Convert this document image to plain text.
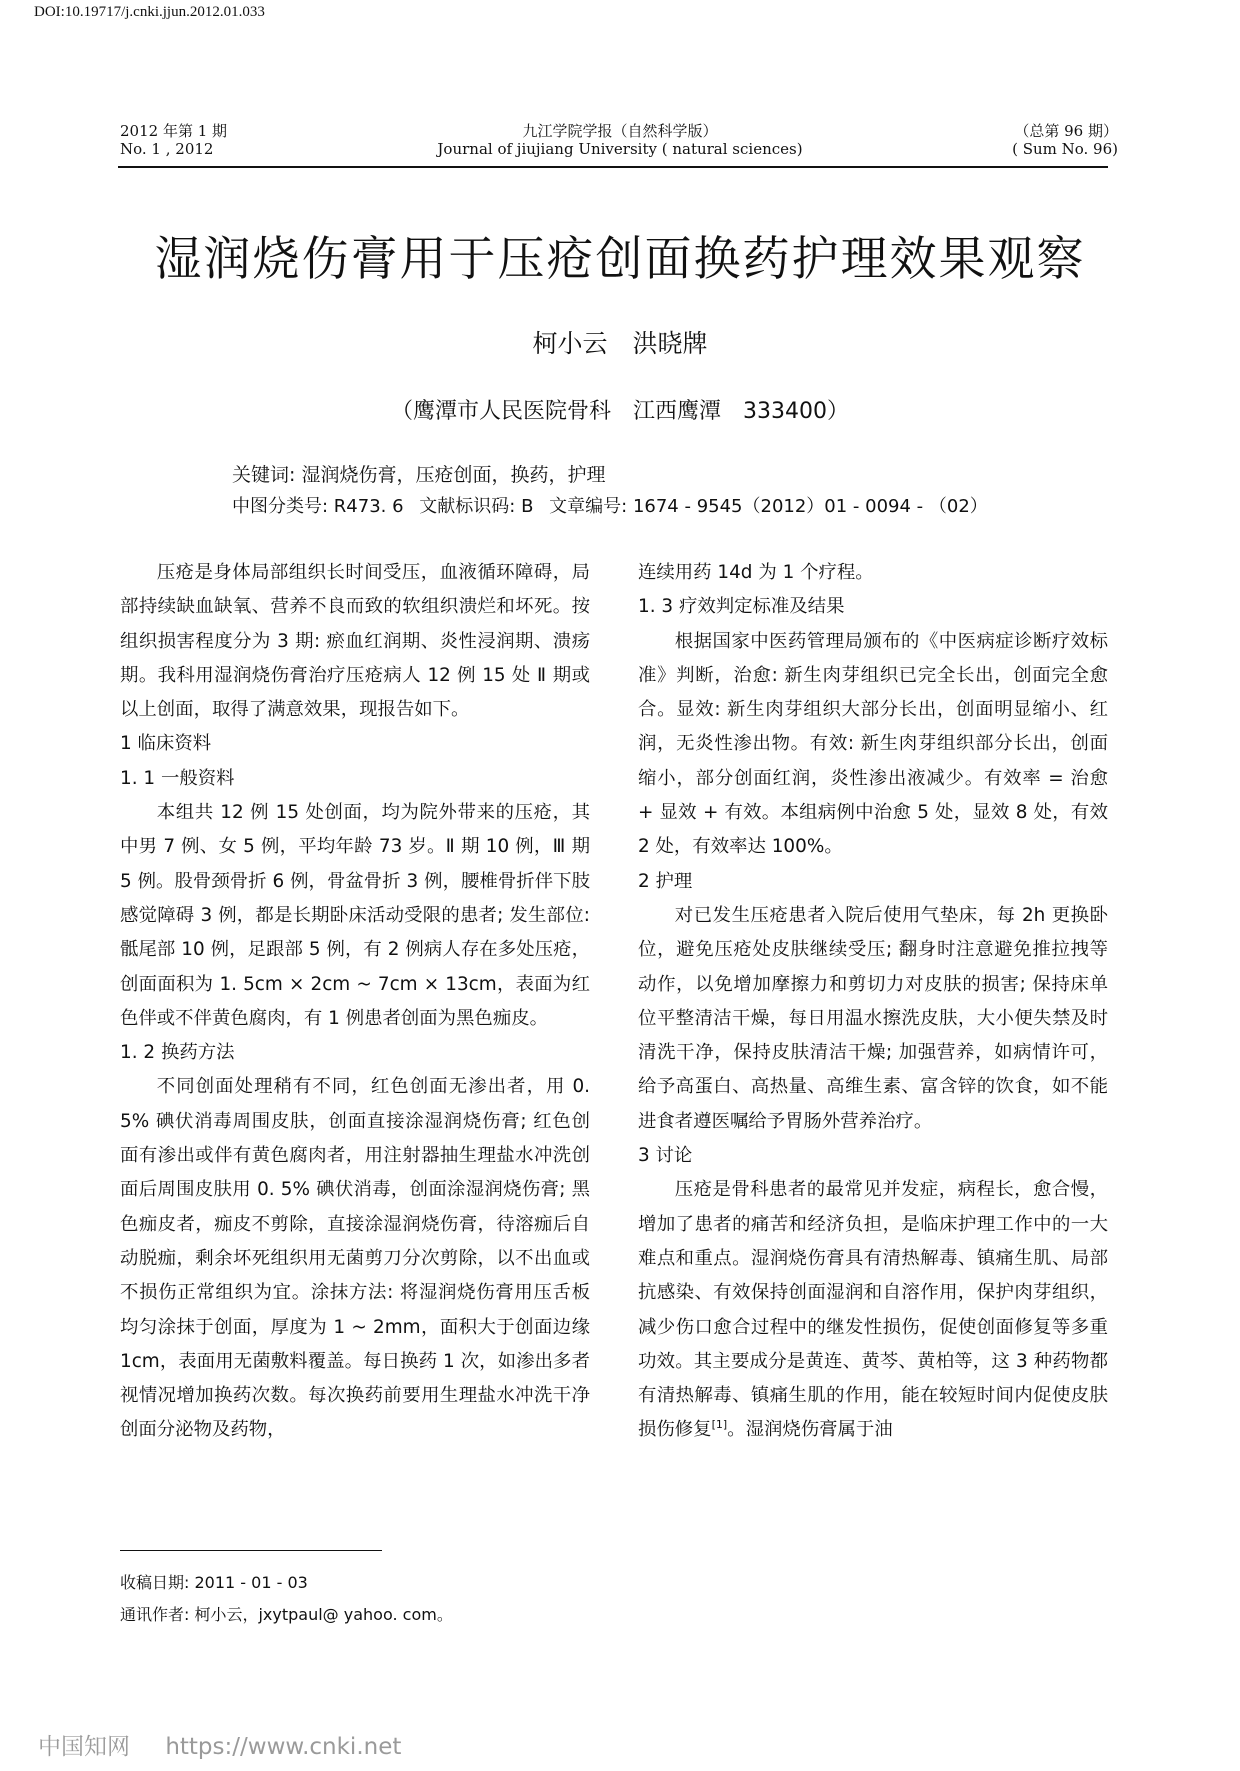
DOI:10.19717/j.cnki.jjun.2012.01.033
2012 年第 1 期
No. 1 , 2012
九江学院学报（自然科学版）
Journal of jiujiang University ( natural sciences)
（总第 96 期）
( Sum No. 96)
湿润烧伤膏用于压疮创面换药护理效果观察
柯小云　洪晓牌
（鹰潭市人民医院骨科　江西鹰潭　333400）
关键词: 湿润烧伤膏，压疮创面，换药，护理
中图分类号: R473. 6 文献标识码: B 文章编号: 1674 - 9545（2012）01 - 0094 - （02）

压疮是身体局部组织长时间受压，血液循环障碍，局部持续缺血缺氧、营养不良而致的软组织溃烂和坏死。按组织损害程度分为 3 期: 瘀血红润期、炎性浸润期、溃疡期。我科用湿润烧伤膏治疗压疮病人 12 例 15 处 Ⅱ 期或以上创面，取得了满意效果，现报告如下。

1 临床资料

1. 1 一般资料

本组共 12 例 15 处创面，均为院外带来的压疮，其中男 7 例、女 5 例，平均年龄 73 岁。Ⅱ 期 10 例，Ⅲ 期 5 例。股骨颈骨折 6 例，骨盆骨折 3 例，腰椎骨折伴下肢感觉障碍 3 例，都是长期卧床活动受限的患者; 发生部位: 骶尾部 10 例，足跟部 5 例，有 2 例病人存在多处压疮，创面面积为 1. 5cm × 2cm ~ 7cm × 13cm，表面为红色伴或不伴黄色腐肉，有 1 例患者创面为黑色痂皮。

1. 2 换药方法

不同创面处理稍有不同，红色创面无渗出者，用 0. 5% 碘伏消毒周围皮肤，创面直接涂湿润烧伤膏; 红色创面有渗出或伴有黄色腐肉者，用注射器抽生理盐水冲洗创面后周围皮肤用 0. 5% 碘伏消毒，创面涂湿润烧伤膏; 黑色痂皮者，痂皮不剪除，直接涂湿润烧伤膏，待溶痂后自动脱痂，剩余坏死组织用无菌剪刀分次剪除，以不出血或不损伤正常组织为宜。涂抹方法: 将湿润烧伤膏用压舌板均匀涂抹于创面，厚度为 1 ~ 2mm，面积大于创面边缘 1cm，表面用无菌敷料覆盖。每日换药 1 次，如渗出多者视情况增加换药次数。每次换药前要用生理盐水冲洗干净创面分泌物及药物，

连续用药 14d 为 1 个疗程。

1. 3 疗效判定标准及结果

根据国家中医药管理局颁布的《中医病症诊断疗效标准》判断，治愈: 新生肉芽组织已完全长出，创面完全愈合。显效: 新生肉芽组织大部分长出，创面明显缩小、红润，无炎性渗出物。有效: 新生肉芽组织部分长出，创面缩小，部分创面红润，炎性渗出液减少。有效率 = 治愈 + 显效 + 有效。本组病例中治愈 5 处，显效 8 处，有效 2 处，有效率达 100%。

2 护理

对已发生压疮患者入院后使用气垫床，每 2h 更换卧位，避免压疮处皮肤继续受压; 翻身时注意避免推拉拽等动作，以免增加摩擦力和剪切力对皮肤的损害; 保持床单位平整清洁干燥，每日用温水擦洗皮肤，大小便失禁及时清洗干净，保持皮肤清洁干燥; 加强营养，如病情许可，给予高蛋白、高热量、高维生素、富含锌的饮食，如不能进食者遵医嘱给予胃肠外营养治疗。

3 讨论

压疮是骨科患者的最常见并发症，病程长，愈合慢，增加了患者的痛苦和经济负担，是临床护理工作中的一大难点和重点。湿润烧伤膏具有清热解毒、镇痛生肌、局部抗感染、有效保持创面湿润和自溶作用，保护肉芽组织，减少伤口愈合过程中的继发性损伤，促使创面修复等多重功效。其主要成分是黄连、黄芩、黄柏等，这 3 种药物都有清热解毒、镇痛生肌的作用，能在较短时间内促使皮肤损伤修复[1]。湿润烧伤膏属于油

收稿日期: 2011 - 01 - 03
通讯作者: 柯小云，jxytpaul@ yahoo. com。
中国知网 https://www.cnki.net
